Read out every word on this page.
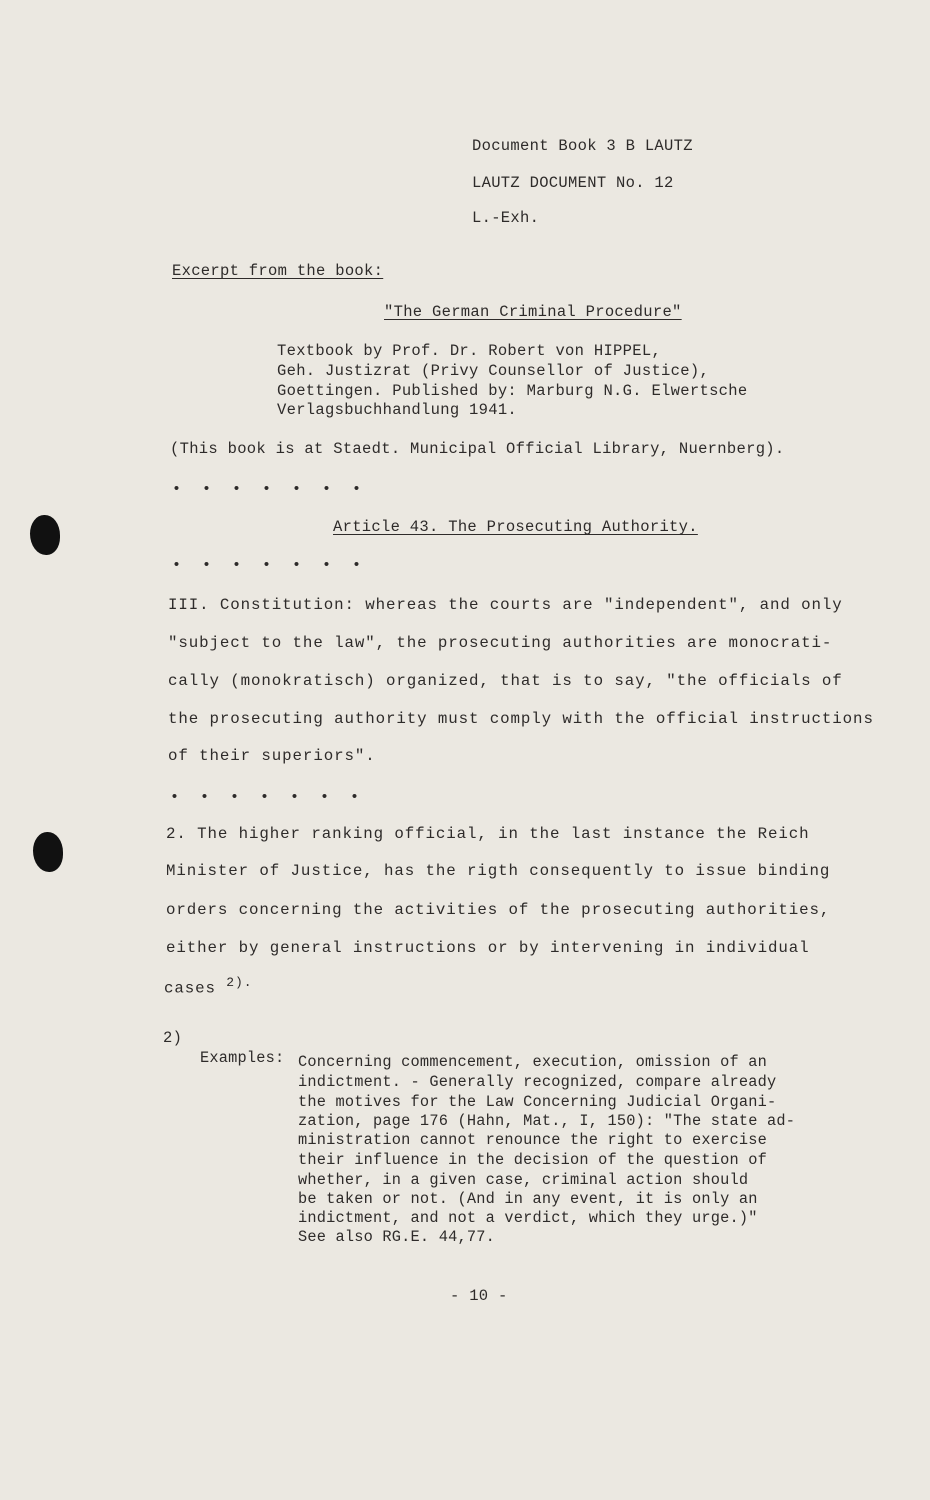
Document Book 3 B LAUTZ
LAUTZ DOCUMENT No. 12
L.-Exh.
Excerpt from the book:
"The German Criminal Procedure"
Textbook by Prof. Dr. Robert von HIPPEL,
Geh. Justizrat (Privy Counsellor of Justice),
Goettingen. Published by: Marburg N.G. Elwertsche
Verlagsbuchhandlung 1941.
(This book is at Staedt. Municipal Official Library, Nuernberg).
• • • • • • •
Article 43. The Prosecuting Authority.
• • • • • • •
III. Constitution: whereas the courts are "independent", and only
"subject to the law", the prosecuting authorities are monocrati-
cally (monokratisch) organized, that is to say, "the officials of
the prosecuting authority must comply with the official instructions
of their superiors".
• • • • • • •
2. The higher ranking official, in the last instance the Reich
Minister of Justice, has the rigth consequently to issue binding
orders concerning the activities of the prosecuting authorities,
either by general instructions or by intervening in individual
cases $^{2).}$
2)
Examples: Concerning commencement, execution, omission of an
indictment. - Generally recognized, compare already
the motives for the Law Concerning Judicial Organi-
zation, page 176 (Hahn, Mat., I, 150): "The state ad-
ministration cannot renounce the right to exercise
their influence in the decision of the question of
whether, in a given case, criminal action should
be taken or not. (And in any event, it is only an
indictment, and not a verdict, which they urge.)"
See also RG.E. 44,77.
- 10 -
